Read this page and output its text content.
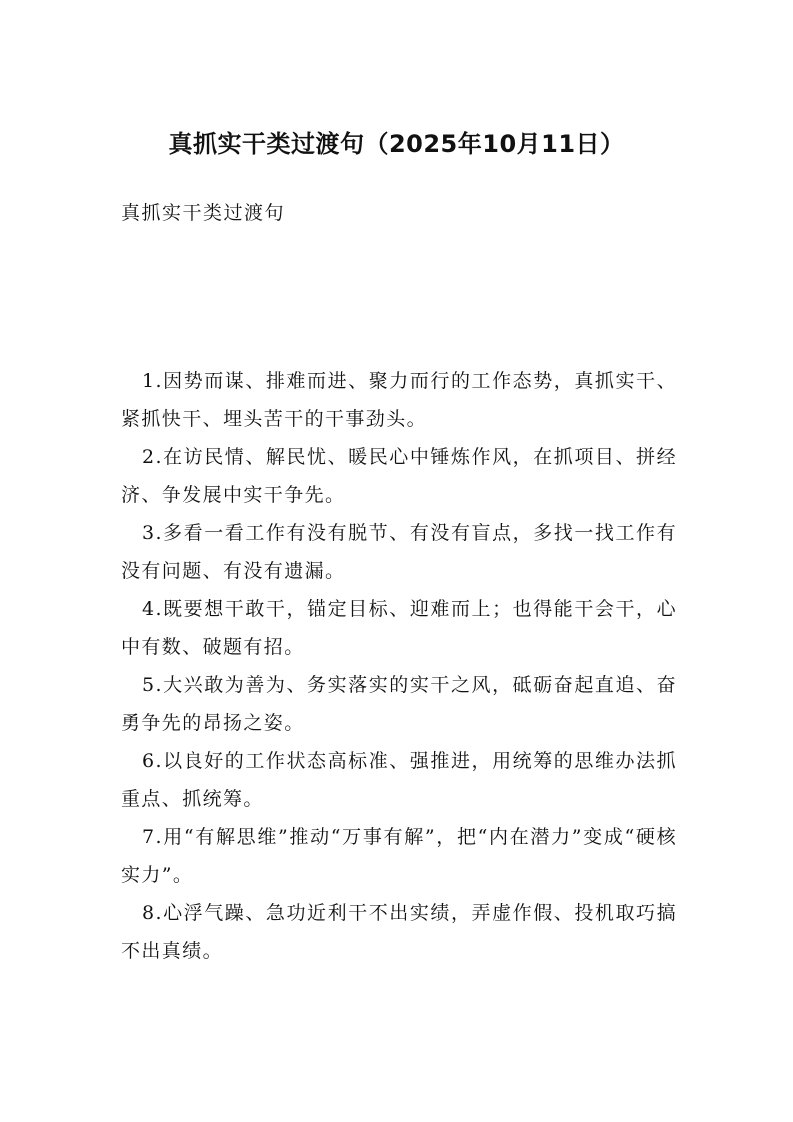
真抓实干类过渡句（2025年10月11日）

真抓实干类过渡句

1.因势而谋、排难而进、聚力而行的工作态势，真抓实干、紧抓快干、埋头苦干的干事劲头。

2.在访民情、解民忧、暖民心中锤炼作风，在抓项目、拼经济、争发展中实干争先。

3.多看一看工作有没有脱节、有没有盲点，多找一找工作有没有问题、有没有遗漏。

4.既要想干敢干，锚定目标、迎难而上；也得能干会干，心中有数、破题有招。

5.大兴敢为善为、务实落实的实干之风，砥砺奋起直追、奋勇争先的昂扬之姿。

6.以良好的工作状态高标准、强推进，用统筹的思维办法抓重点、抓统筹。

7.用“有解思维”推动“万事有解”，把“内在潜力”变成“硬核实力”。

8.心浮气躁、急功近利干不出实绩，弄虚作假、投机取巧搞不出真绩。
